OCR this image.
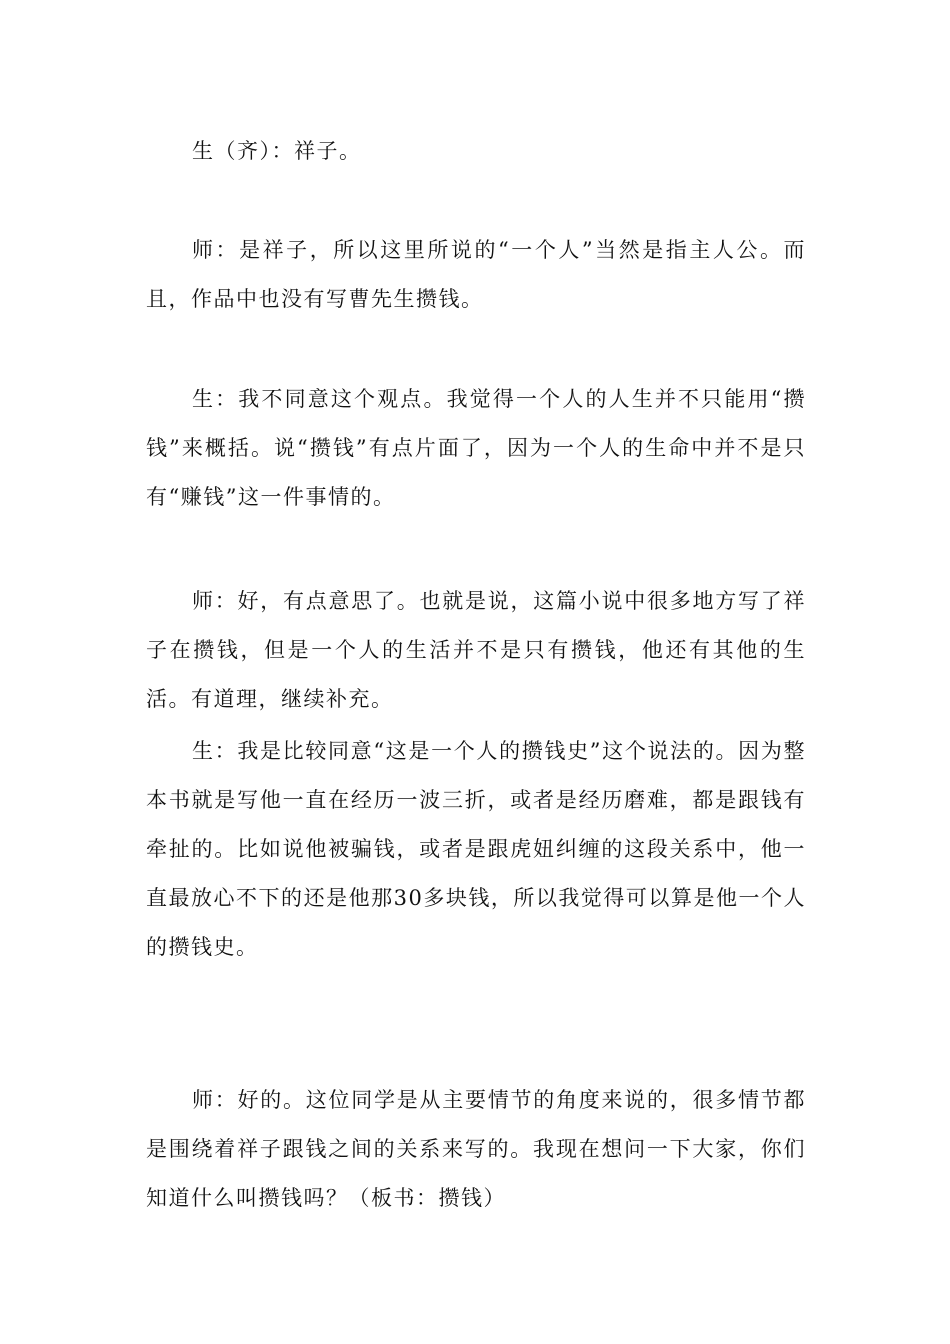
生（齐）：祥子。

师：是祥子，所以这里所说的“一个人”当然是指主人公。而且，作品中也没有写曹先生攒钱。

生：我不同意这个观点。我觉得一个人的人生并不只能用“攒钱”来概括。说“攒钱”有点片面了，因为一个人的生命中并不是只有“赚钱”这一件事情的。

师：好，有点意思了。也就是说，这篇小说中很多地方写了祥子在攒钱，但是一个人的生活并不是只有攒钱，他还有其他的生活。有道理，继续补充。

生：我是比较同意“这是一个人的攒钱史”这个说法的。因为整本书就是写他一直在经历一波三折，或者是经历磨难，都是跟钱有牵扯的。比如说他被骗钱，或者是跟虎妞纠缠的这段关系中，他一直最放心不下的还是他那30多块钱，所以我觉得可以算是他一个人的攒钱史。

师：好的。这位同学是从主要情节的角度来说的，很多情节都是围绕着祥子跟钱之间的关系来写的。我现在想问一下大家，你们知道什么叫攒钱吗？（板书：攒钱）
